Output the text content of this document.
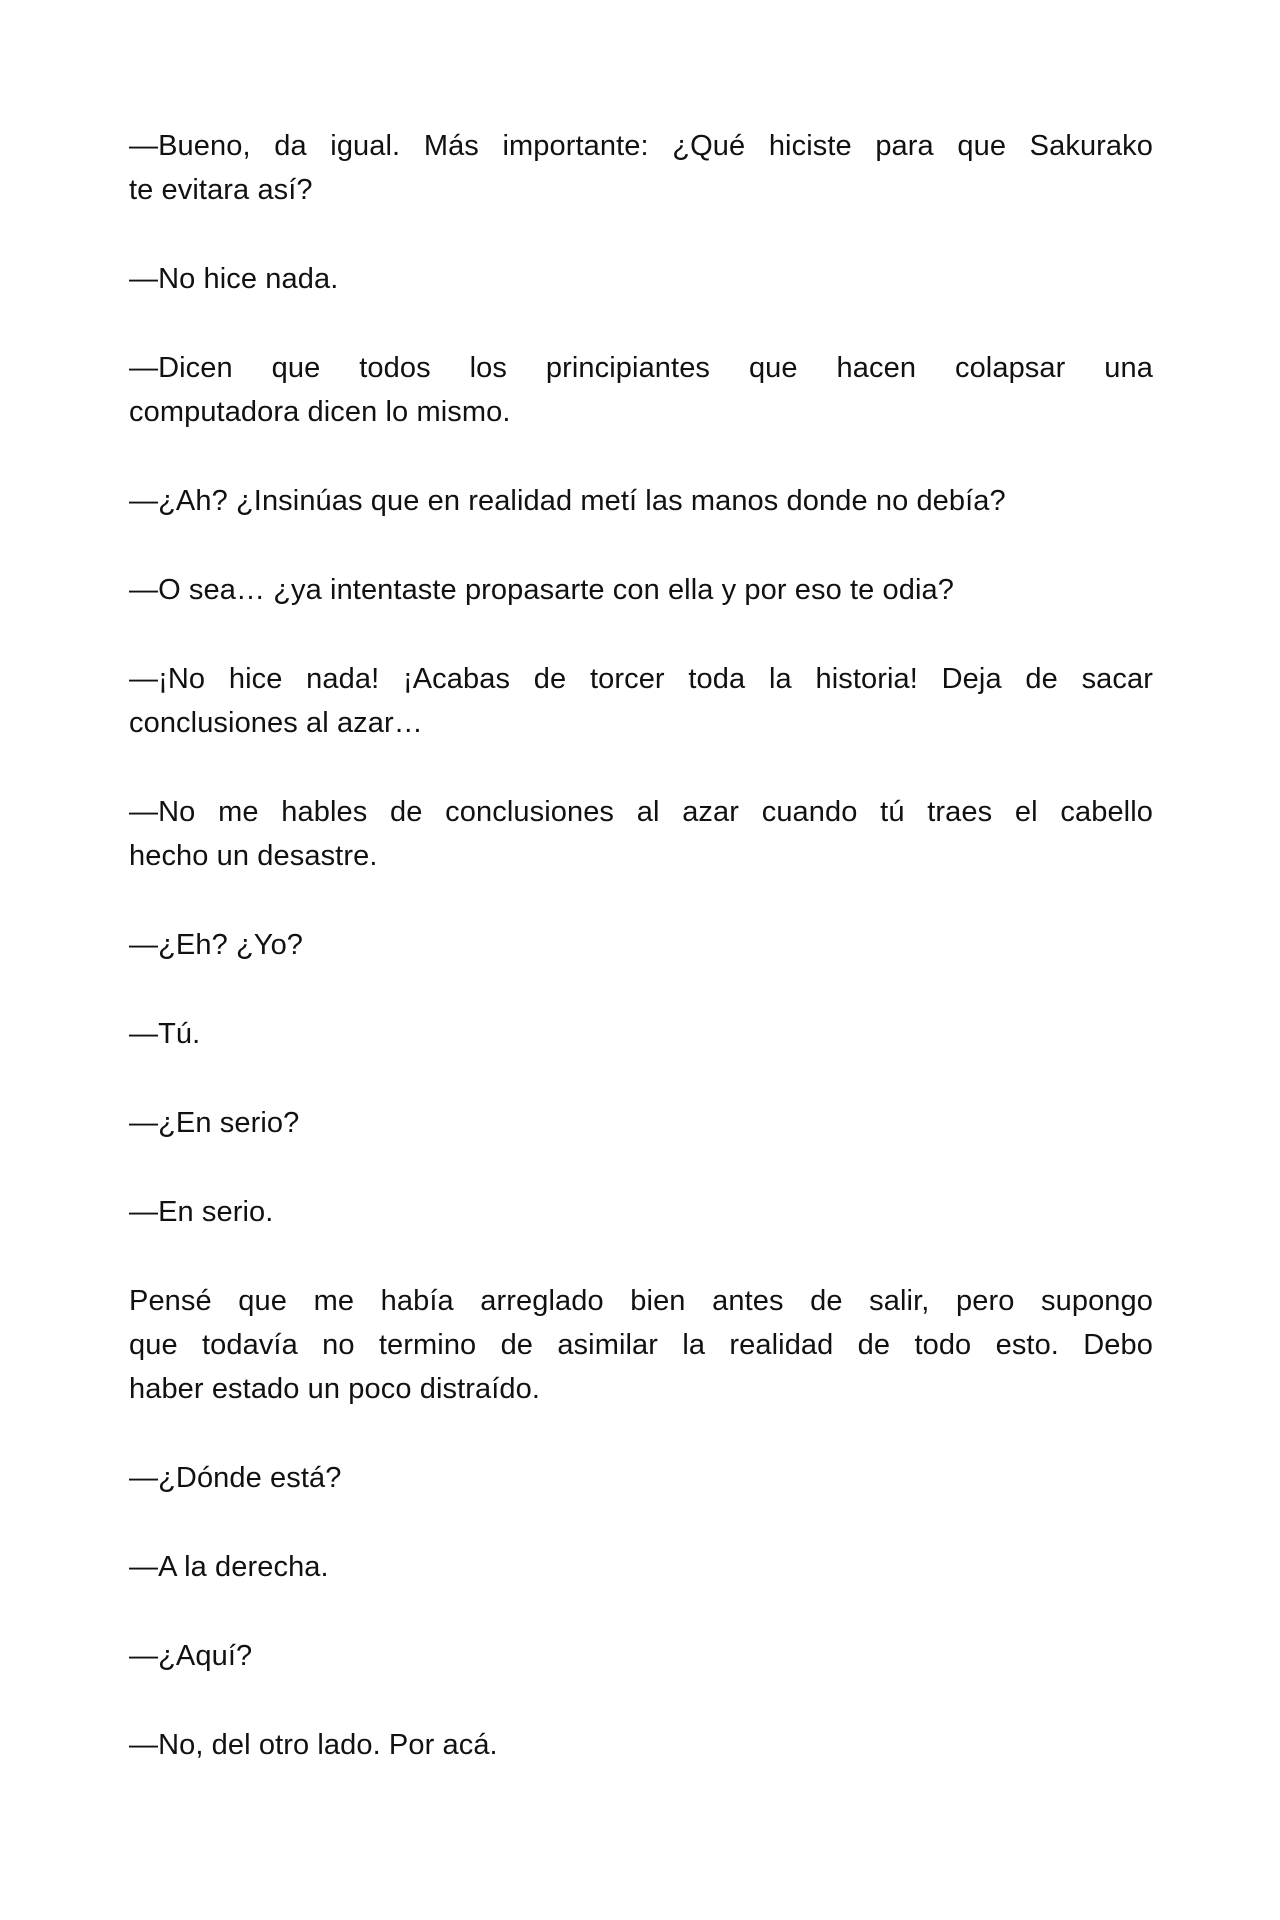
—Bueno, da igual. Más importante: ¿Qué hiciste para que Sakurako
te evitara así?

—No hice nada.

—Dicen que todos los principiantes que hacen colapsar una
computadora dicen lo mismo.

—¿Ah? ¿Insinúas que en realidad metí las manos donde no debía?

—O sea… ¿ya intentaste propasarte con ella y por eso te odia?

—¡No hice nada! ¡Acabas de torcer toda la historia! Deja de sacar
conclusiones al azar…

—No me hables de conclusiones al azar cuando tú traes el cabello
hecho un desastre.

—¿Eh? ¿Yo?

—Tú.

—¿En serio?

—En serio.

Pensé que me había arreglado bien antes de salir, pero supongo
que todavía no termino de asimilar la realidad de todo esto. Debo
haber estado un poco distraído.

—¿Dónde está?

—A la derecha.

—¿Aquí?

—No, del otro lado. Por acá.
